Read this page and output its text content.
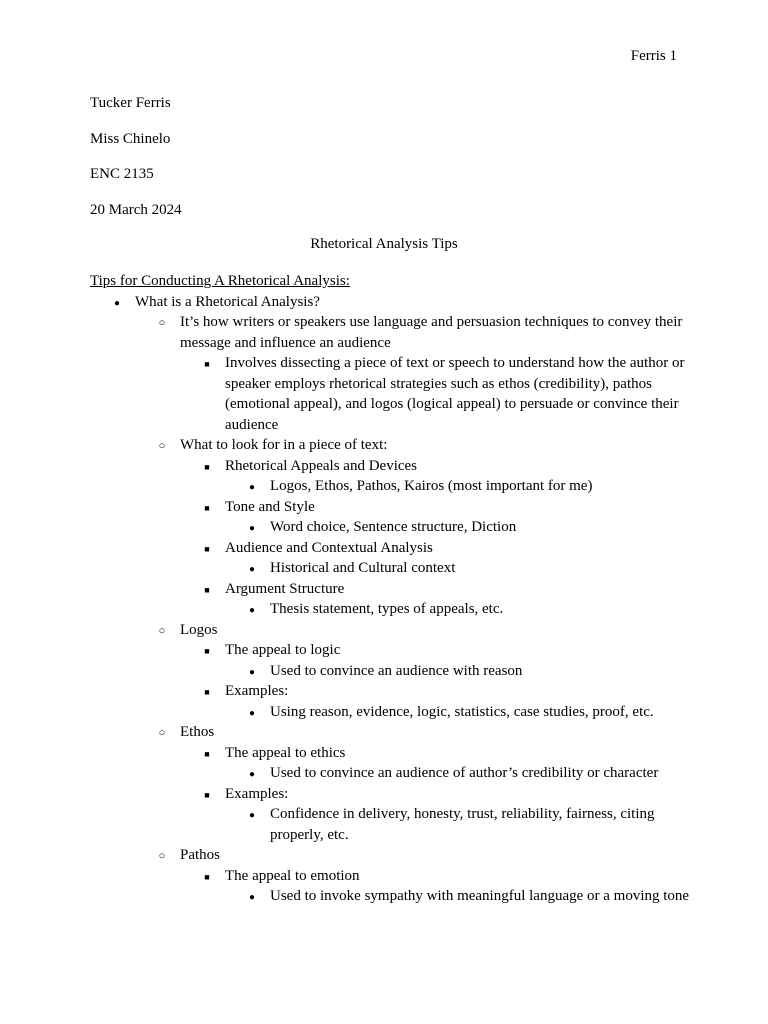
Ferris 1
Tucker Ferris
Miss Chinelo
ENC 2135
20 March 2024
Rhetorical Analysis Tips
Tips for Conducting A Rhetorical Analysis:
●
What is a Rhetorical Analysis?
○
It’s how writers or speakers use language and persuasion techniques to convey their message and influence an audience
■
Involves dissecting a piece of text or speech to understand how the author or speaker employs rhetorical strategies such as ethos (credibility), pathos (emotional appeal), and logos (logical appeal) to persuade or convince their audience
○
What to look for in a piece of text:
■
Rhetorical Appeals and Devices
●
Logos, Ethos, Pathos, Kairos (most important for me)
■
Tone and Style
●
Word choice, Sentence structure, Diction
■
Audience and Contextual Analysis
●
Historical and Cultural context
■
Argument Structure
●
Thesis statement, types of appeals, etc.
○
Logos
■
The appeal to logic
●
Used to convince an audience with reason
■
Examples:
●
Using reason, evidence, logic, statistics, case studies, proof, etc.
○
Ethos
■
The appeal to ethics
●
Used to convince an audience of author’s credibility or character
■
Examples:
●
Confidence in delivery, honesty, trust, reliability, fairness, citing properly, etc.
○
Pathos
■
The appeal to emotion
●
Used to invoke sympathy with meaningful language or a moving tone
